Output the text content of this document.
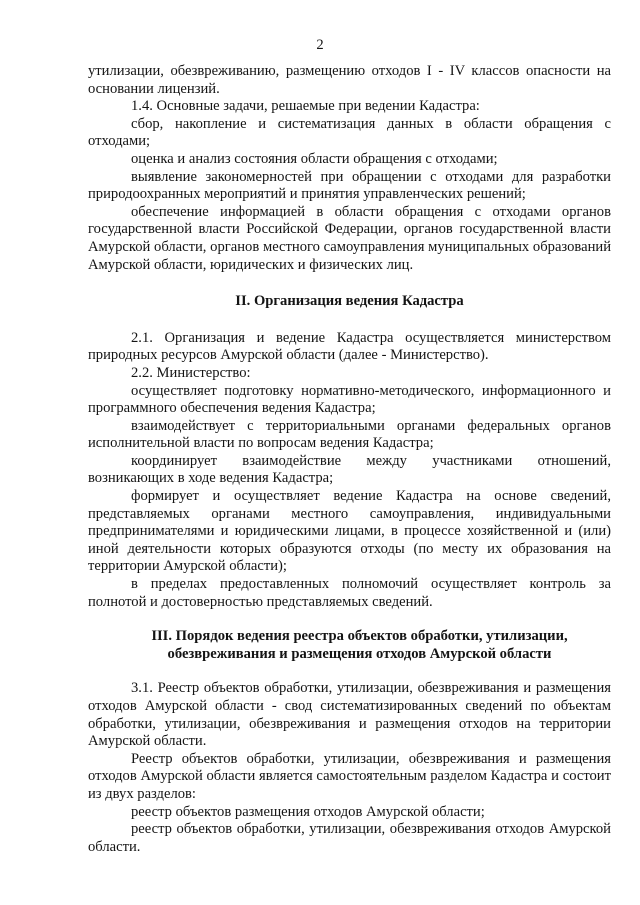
2

утилизации, обезвреживанию, размещению отходов I - IV классов опасности на основании лицензий.

1.4. Основные задачи, решаемые при ведении Кадастра:

сбор, накопление и систематизация данных в области обращения с отходами;

оценка и анализ состояния области обращения с отходами;

выявление закономерностей при обращении с отходами для разработки природоохранных мероприятий и принятия управленческих решений;

обеспечение информацией в области обращения с отходами органов государственной власти Российской Федерации, органов государственной власти Амурской области, органов местного самоуправления муниципальных образований Амурской области, юридических и физических лиц.

II. Организация ведения Кадастра

2.1. Организация и ведение Кадастра осуществляется министерством природных ресурсов Амурской области (далее - Министерство).

2.2. Министерство:

осуществляет подготовку нормативно-методического, информационного и программного обеспечения ведения Кадастра;

взаимодействует с территориальными органами федеральных органов исполнительной власти по вопросам ведения Кадастра;

координирует взаимодействие между участниками отношений, возникающих в ходе ведения Кадастра;

формирует и осуществляет ведение Кадастра на основе сведений, представляемых органами местного самоуправления, индивидуальными предпринимателями и юридическими лицами, в процессе хозяйственной и (или) иной деятельности которых образуются отходы (по месту их образования на территории Амурской области);

в пределах предоставленных полномочий осуществляет контроль за полнотой и достоверностью представляемых сведений.

III. Порядок ведения реестра объектов обработки, утилизации, обезвреживания и размещения отходов Амурской области

3.1. Реестр объектов обработки, утилизации, обезвреживания и размещения отходов Амурской области - свод систематизированных сведений по объектам обработки, утилизации, обезвреживания и размещения отходов на территории Амурской области.

Реестр объектов обработки, утилизации, обезвреживания и размещения отходов Амурской области является самостоятельным разделом Кадастра и состоит из двух разделов:

реестр объектов размещения отходов Амурской области;

реестр объектов обработки, утилизации, обезвреживания отходов Амурской области.
